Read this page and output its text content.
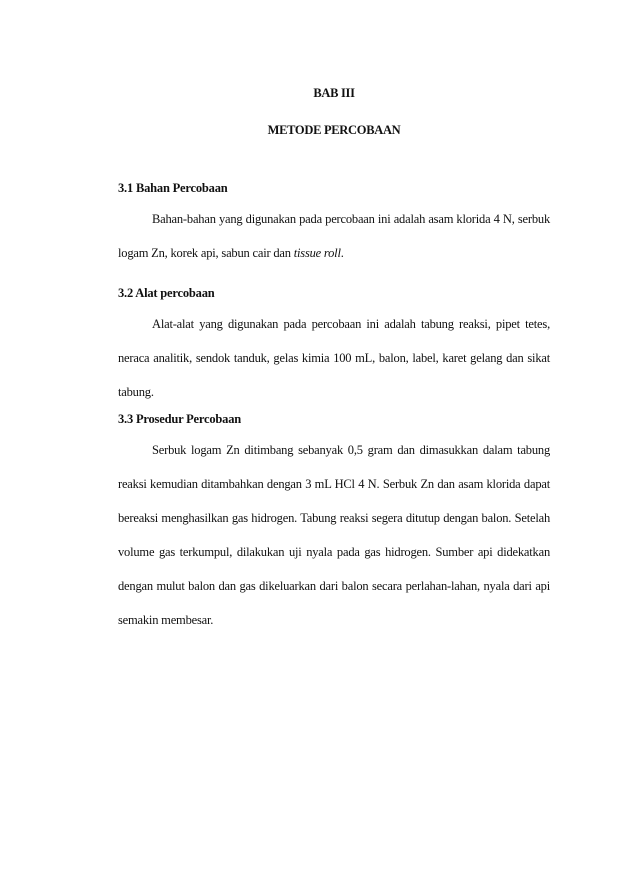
BAB III
METODE PERCOBAAN
3.1 Bahan Percobaan
Bahan-bahan yang digunakan pada percobaan ini adalah asam klorida 4 N, serbuk logam Zn, korek api, sabun cair dan tissue roll.
3.2 Alat percobaan
Alat-alat yang digunakan pada percobaan ini adalah tabung reaksi, pipet tetes, neraca analitik, sendok tanduk, gelas kimia 100 mL, balon, label, karet gelang dan sikat tabung.
3.3 Prosedur Percobaan
Serbuk logam Zn ditimbang sebanyak 0,5 gram dan dimasukkan dalam tabung reaksi kemudian ditambahkan dengan 3 mL HCl 4 N. Serbuk Zn dan asam klorida dapat bereaksi menghasilkan gas hidrogen. Tabung reaksi segera ditutup dengan balon. Setelah volume gas terkumpul, dilakukan uji nyala pada gas hidrogen. Sumber api didekatkan dengan mulut balon dan gas dikeluarkan dari balon secara perlahan-lahan, nyala dari api semakin membesar.
